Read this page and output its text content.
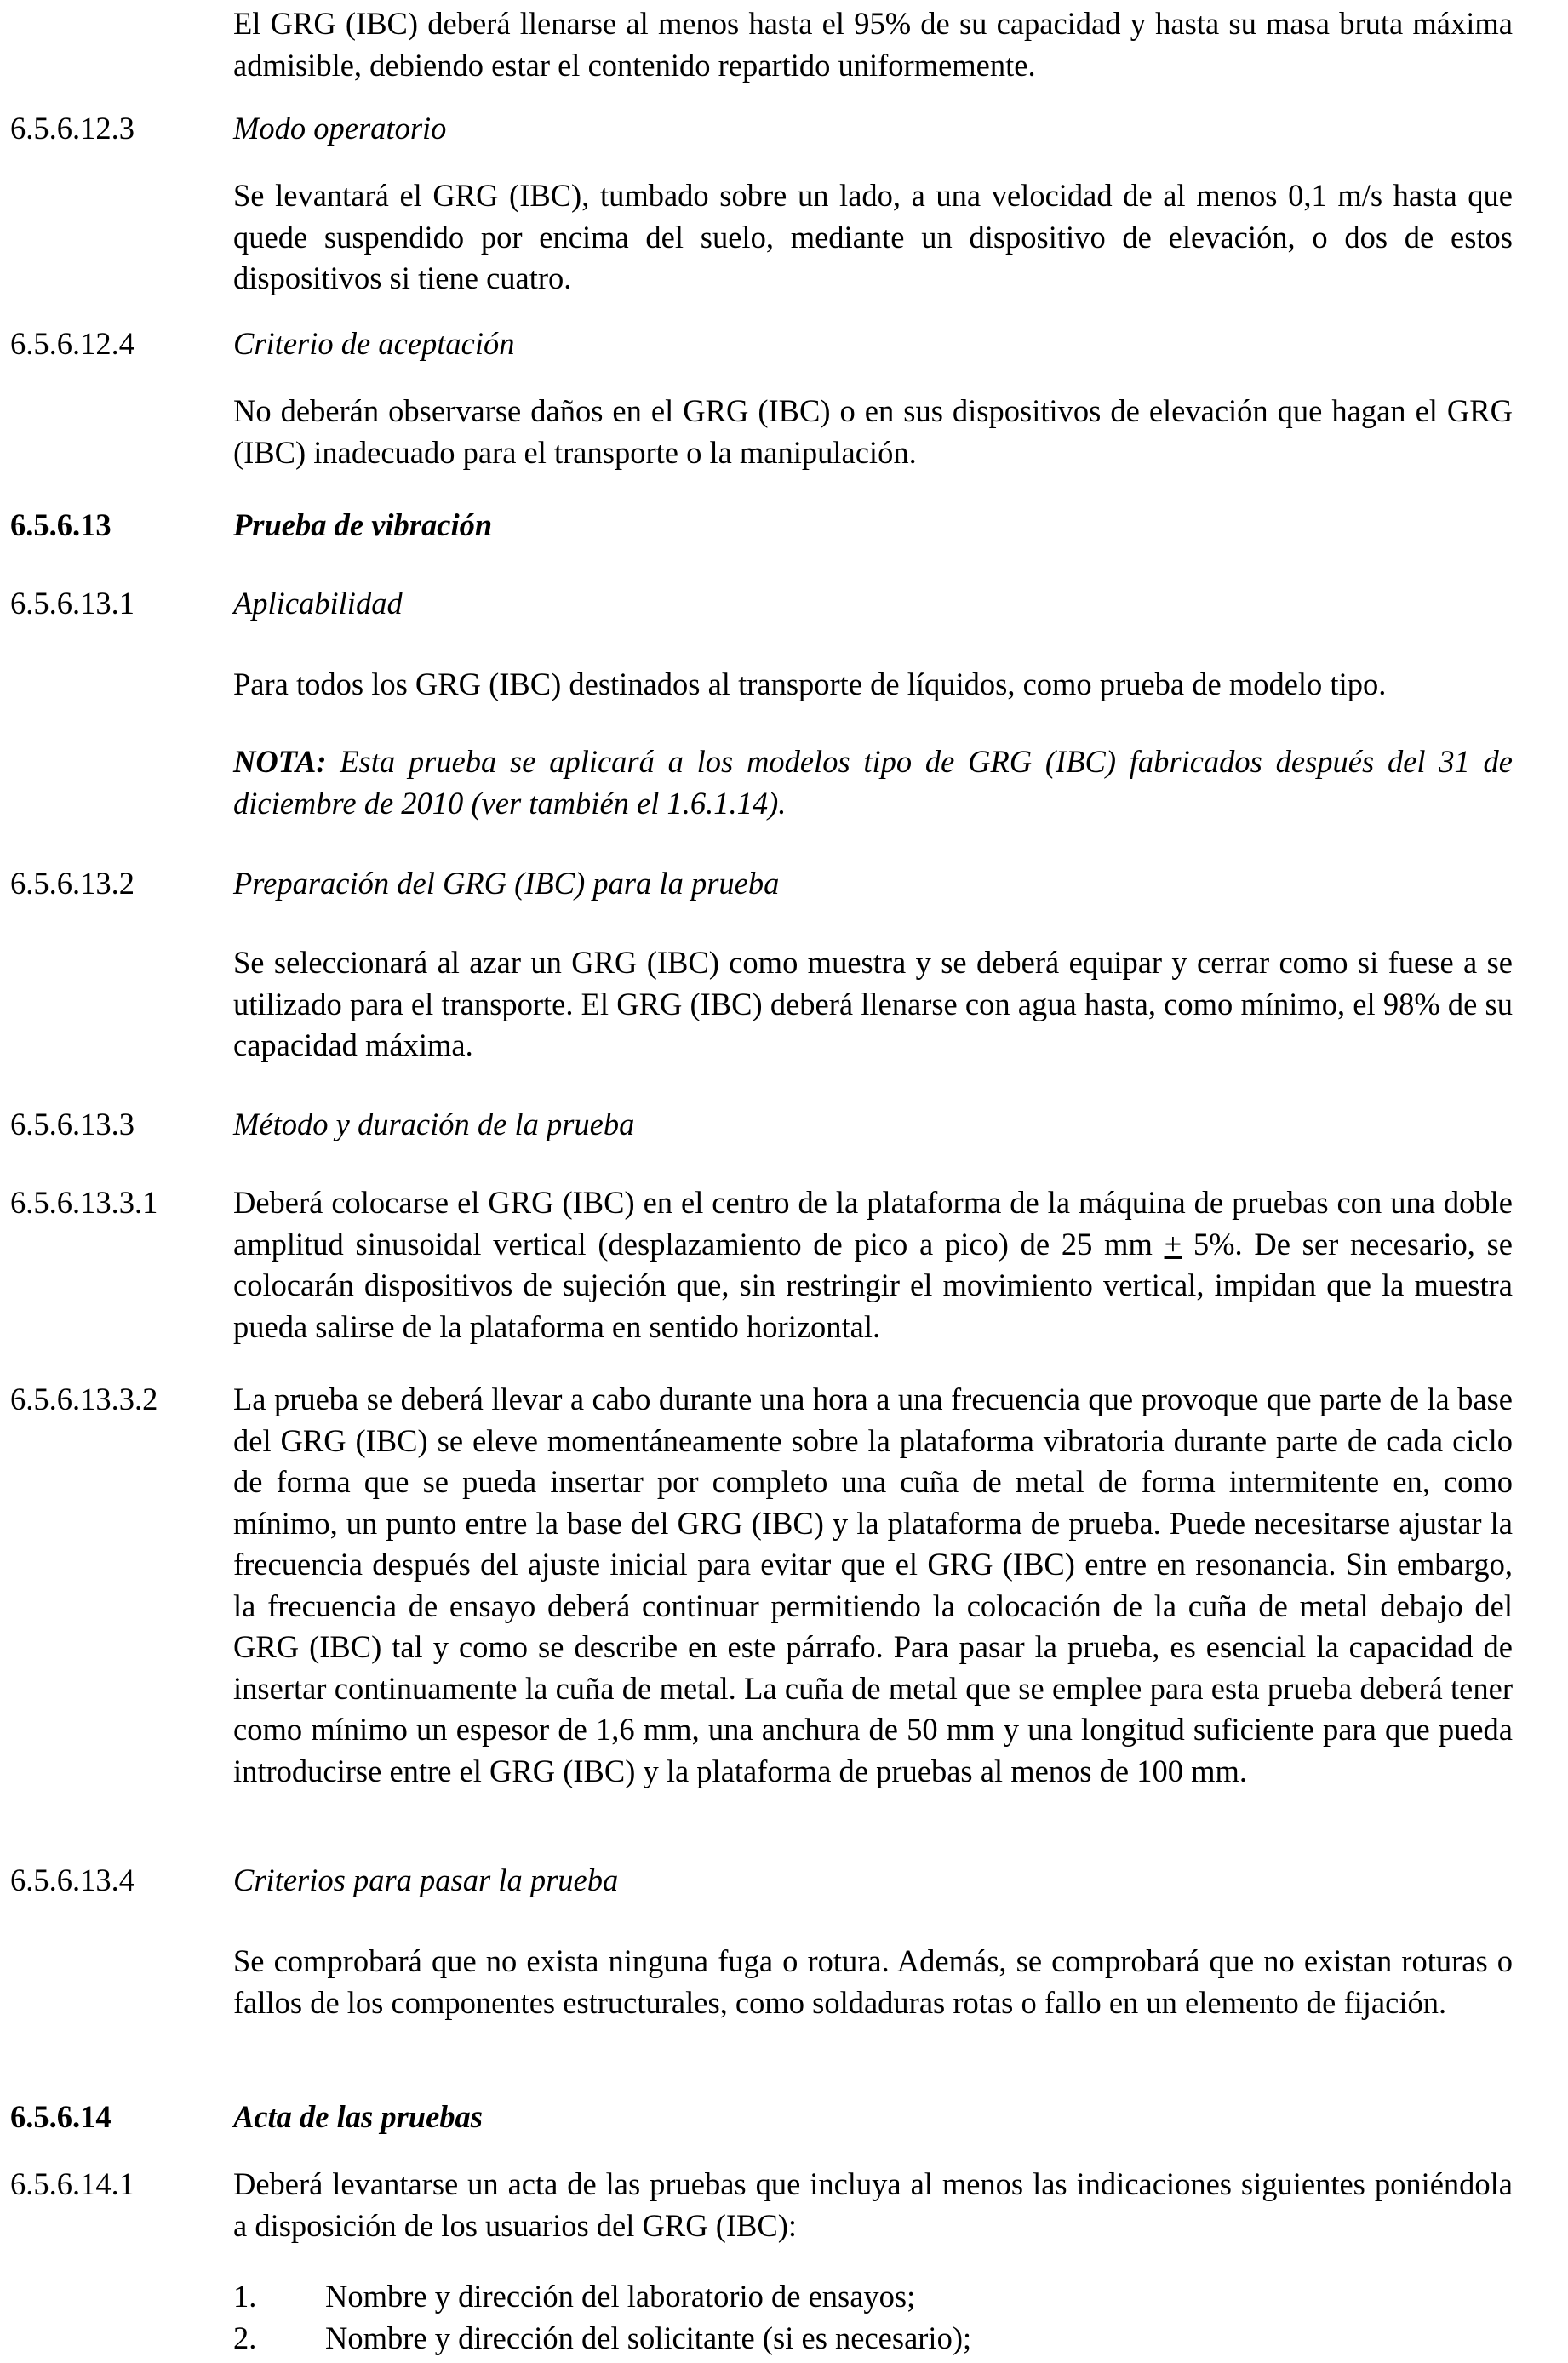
El GRG (IBC) deberá llenarse al menos hasta el 95% de su capacidad y hasta su masa bruta máxima admisible, debiendo estar el contenido repartido uniformemente.

6.5.6.12.3	Modo operatorio

Se levantará el GRG (IBC), tumbado sobre un lado, a una velocidad de al menos 0,1 m/s hasta que quede suspendido por encima del suelo, mediante un dispositivo de elevación, o dos de estos dispositivos si tiene cuatro.

6.5.6.12.4	Criterio de aceptación

No deberán observarse daños en el GRG (IBC) o en sus dispositivos de elevación que hagan el GRG (IBC) inadecuado para el transporte o la manipulación.

6.5.6.13	Prueba de vibración
6.5.6.13.1	Aplicabilidad

Para todos los GRG (IBC) destinados al transporte de líquidos, como prueba de modelo tipo.

NOTA: Esta prueba se aplicará a los modelos tipo de GRG (IBC) fabricados después del 31 de diciembre de 2010 (ver también el 1.6.1.14).

6.5.6.13.2	Preparación del GRG (IBC) para la prueba

Se seleccionará al azar un GRG (IBC) como muestra y se deberá equipar y cerrar como si fuese a se utilizado para el transporte. El GRG (IBC) deberá llenarse con agua hasta, como mínimo, el 98% de su capacidad máxima.

6.5.6.13.3	Método y duración de la prueba
6.5.6.13.3.1 Deberá colocarse el GRG (IBC) en el centro de la plataforma de la máquina de pruebas con una doble amplitud sinusoidal vertical (desplazamiento de pico a pico) de 25 mm + 5%. De ser necesario, se colocarán dispositivos de sujeción que, sin restringir el movimiento vertical, impidan que la muestra pueda salirse de la plataforma en sentido horizontal.

6.5.6.13.3.2 La prueba se deberá llevar a cabo durante una hora a una frecuencia que provoque que parte de la base del GRG (IBC) se eleve momentáneamente sobre la plataforma vibratoria durante parte de cada ciclo de forma que se pueda insertar por completo una cuña de metal de forma intermitente en, como mínimo, un punto entre la base del GRG (IBC) y la plataforma de prueba. Puede necesitarse ajustar la frecuencia después del ajuste inicial para evitar que el GRG (IBC) entre en resonancia. Sin embargo, la frecuencia de ensayo deberá continuar permitiendo la colocación de la cuña de metal debajo del GRG (IBC) tal y como se describe en este párrafo. Para pasar la prueba, es esencial la capacidad de insertar continuamente la cuña de metal. La cuña de metal que se emplee para esta prueba deberá tener como mínimo un espesor de 1,6 mm, una anchura de 50 mm y una longitud suficiente para que pueda introducirse entre el GRG (IBC) y la plataforma de pruebas al menos de 100 mm.

6.5.6.13.4	Criterios para pasar la prueba

Se comprobará que no exista ninguna fuga o rotura. Además, se comprobará que no existan roturas o fallos de los componentes estructurales, como soldaduras rotas o fallo en un elemento de fijación.

6.5.6.14	Acta de las pruebas
6.5.6.14.1	Deberá levantarse un acta de las pruebas que incluya al menos las indicaciones siguientes poniéndola a disposición de los usuarios del GRG (IBC):

1. Nombre y dirección del laboratorio de ensayos;
2. Nombre y dirección del solicitante (si es necesario);
